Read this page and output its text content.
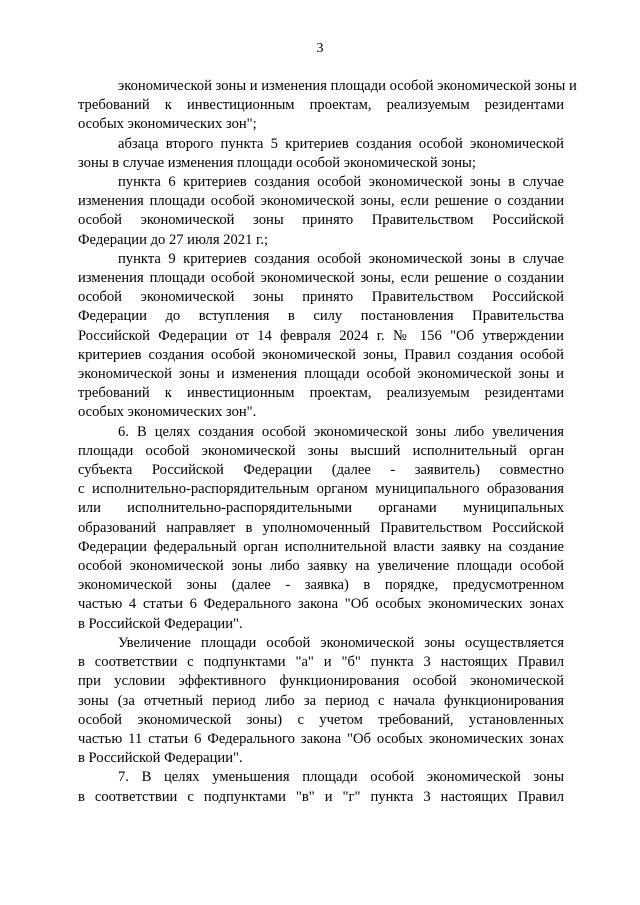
3
экономической зоны и изменения площади особой экономической зоны и
требований к инвестиционным проектам, реализуемым резидентами
особых экономических зон";
абзаца второго пункта 5 критериев создания особой экономической
зоны в случае изменения площади особой экономической зоны;
пункта 6 критериев создания особой экономической зоны в случае
изменения площади особой экономической зоны, если решение о создании
особой экономической зоны принято Правительством Российской
Федерации до 27 июля 2021 г.;
пункта 9 критериев создания особой экономической зоны в случае
изменения площади особой экономической зоны, если решение о создании
особой экономической зоны принято Правительством Российской
Федерации до вступления в силу постановления Правительства
Российской Федерации от 14 февраля 2024 г. № 156 "Об утверждении
критериев создания особой экономической зоны, Правил создания особой
экономической зоны и изменения площади особой экономической зоны и
требований к инвестиционным проектам, реализуемым резидентами
особых экономических зон".
6. В целях создания особой экономической зоны либо увеличения
площади особой экономической зоны высший исполнительный орган
субъекта Российской Федерации (далее - заявитель) совместно
с исполнительно-распорядительным органом муниципального образования
или исполнительно-распорядительными органами муниципальных
образований направляет в уполномоченный Правительством Российской
Федерации федеральный орган исполнительной власти заявку на создание
особой экономической зоны либо заявку на увеличение площади особой
экономической зоны (далее - заявка) в порядке, предусмотренном
частью 4 статьи 6 Федерального закона "Об особых экономических зонах
в Российской Федерации".
Увеличение площади особой экономической зоны осуществляется
в соответствии с подпунктами "а" и "б" пункта 3 настоящих Правил
при условии эффективного функционирования особой экономической
зоны (за отчетный период либо за период с начала функционирования
особой экономической зоны) с учетом требований, установленных
частью 11 статьи 6 Федерального закона "Об особых экономических зонах
в Российской Федерации".
7. В целях уменьшения площади особой экономической зоны
в соответствии с подпунктами "в" и "г" пункта 3 настоящих Правил
